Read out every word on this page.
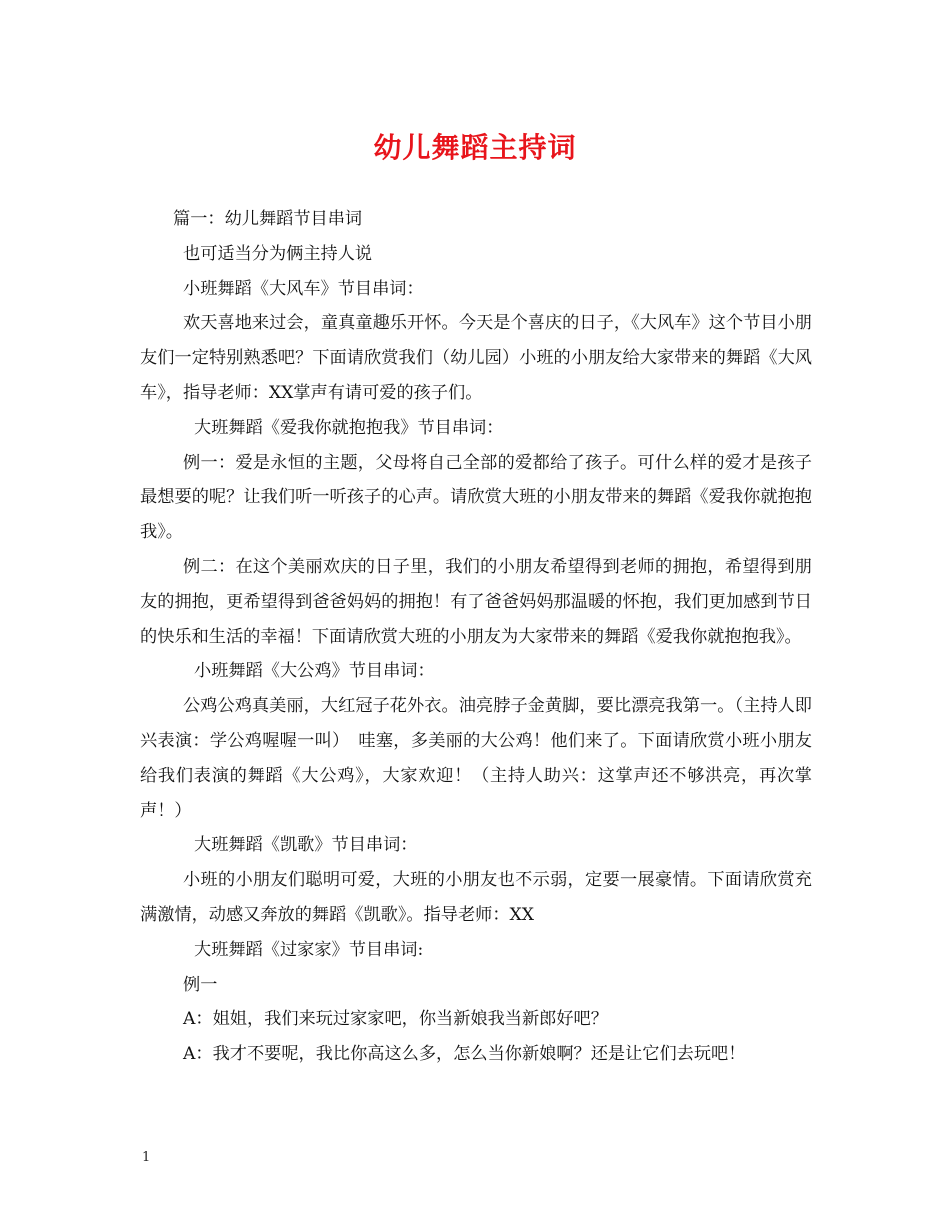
幼儿舞蹈主持词

篇一：幼儿舞蹈节目串词

也可适当分为俩主持人说

小班舞蹈《大风车》节目串词：

欢天喜地来过会，童真童趣乐开怀。今天是个喜庆的日子，《大风车》这个节目小朋友们一定特别熟悉吧？下面请欣赏我们（幼儿园）小班的小朋友给大家带来的舞蹈《大风车》，指导老师：XX掌声有请可爱的孩子们。

大班舞蹈《爱我你就抱抱我》节目串词：

例一：爱是永恒的主题，父母将自己全部的爱都给了孩子。可什么样的爱才是孩子最想要的呢？让我们听一听孩子的心声。请欣赏大班的小朋友带来的舞蹈《爱我你就抱抱我》。

例二：在这个美丽欢庆的日子里，我们的小朋友希望得到老师的拥抱，希望得到朋友的拥抱，更希望得到爸爸妈妈的拥抱！有了爸爸妈妈那温暖的怀抱，我们更加感到节日的快乐和生活的幸福！下面请欣赏大班的小朋友为大家带来的舞蹈《爱我你就抱抱我》。

小班舞蹈《大公鸡》节目串词：

公鸡公鸡真美丽，大红冠子花外衣。油亮脖子金黄脚，要比漂亮我第一。（主持人即兴表演：学公鸡喔喔一叫）　哇塞，多美丽的大公鸡！他们来了。下面请欣赏小班小朋友给我们表演的舞蹈《大公鸡》，大家欢迎！（主持人助兴：这掌声还不够洪亮，再次掌声！）

大班舞蹈《凯歌》节目串词：

小班的小朋友们聪明可爱，大班的小朋友也不示弱，定要一展豪情。下面请欣赏充满激情，动感又奔放的舞蹈《凯歌》。指导老师：XX

大班舞蹈《过家家》节目串词:

例一

A：姐姐，我们来玩过家家吧，你当新娘我当新郎好吧？

A：我才不要呢，我比你高这么多，怎么当你新娘啊？还是让它们去玩吧！

1
